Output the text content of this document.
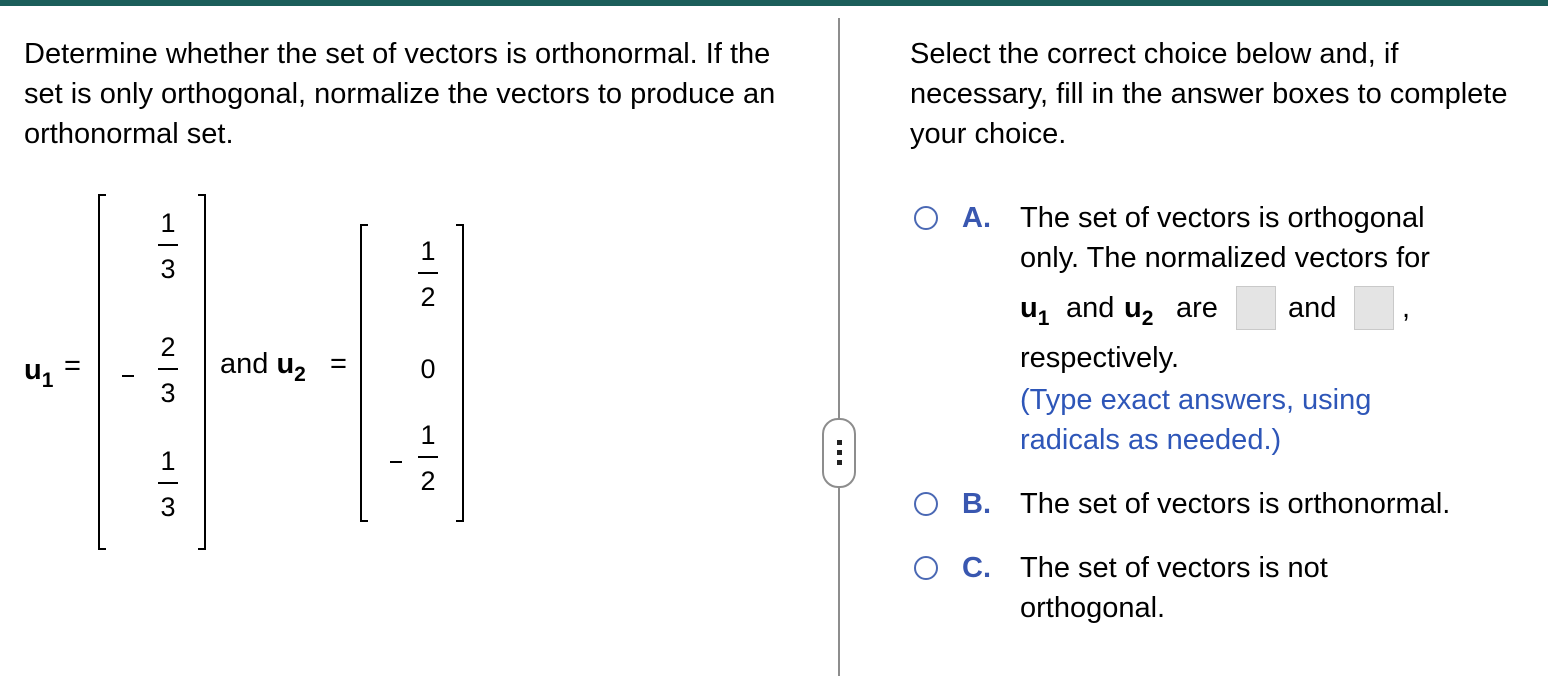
Determine whether the set of vectors is orthonormal. If the set is only orthogonal, normalize the vectors to produce an orthonormal set.

$u_1$ =
1
3
2
3
1
3
and $u_2$ =
1
2
0
1
2

Select the correct choice below and, if necessary, fill in the answer boxes to complete your choice.

A. The set of vectors is orthogonal
only. The normalized vectors for
$u_1$ and $u_2$ are and ,
respectively.
(Type exact answers, using
radicals as needed.)
B. The set of vectors is orthonormal.
C. The set of vectors is not
orthogonal.
